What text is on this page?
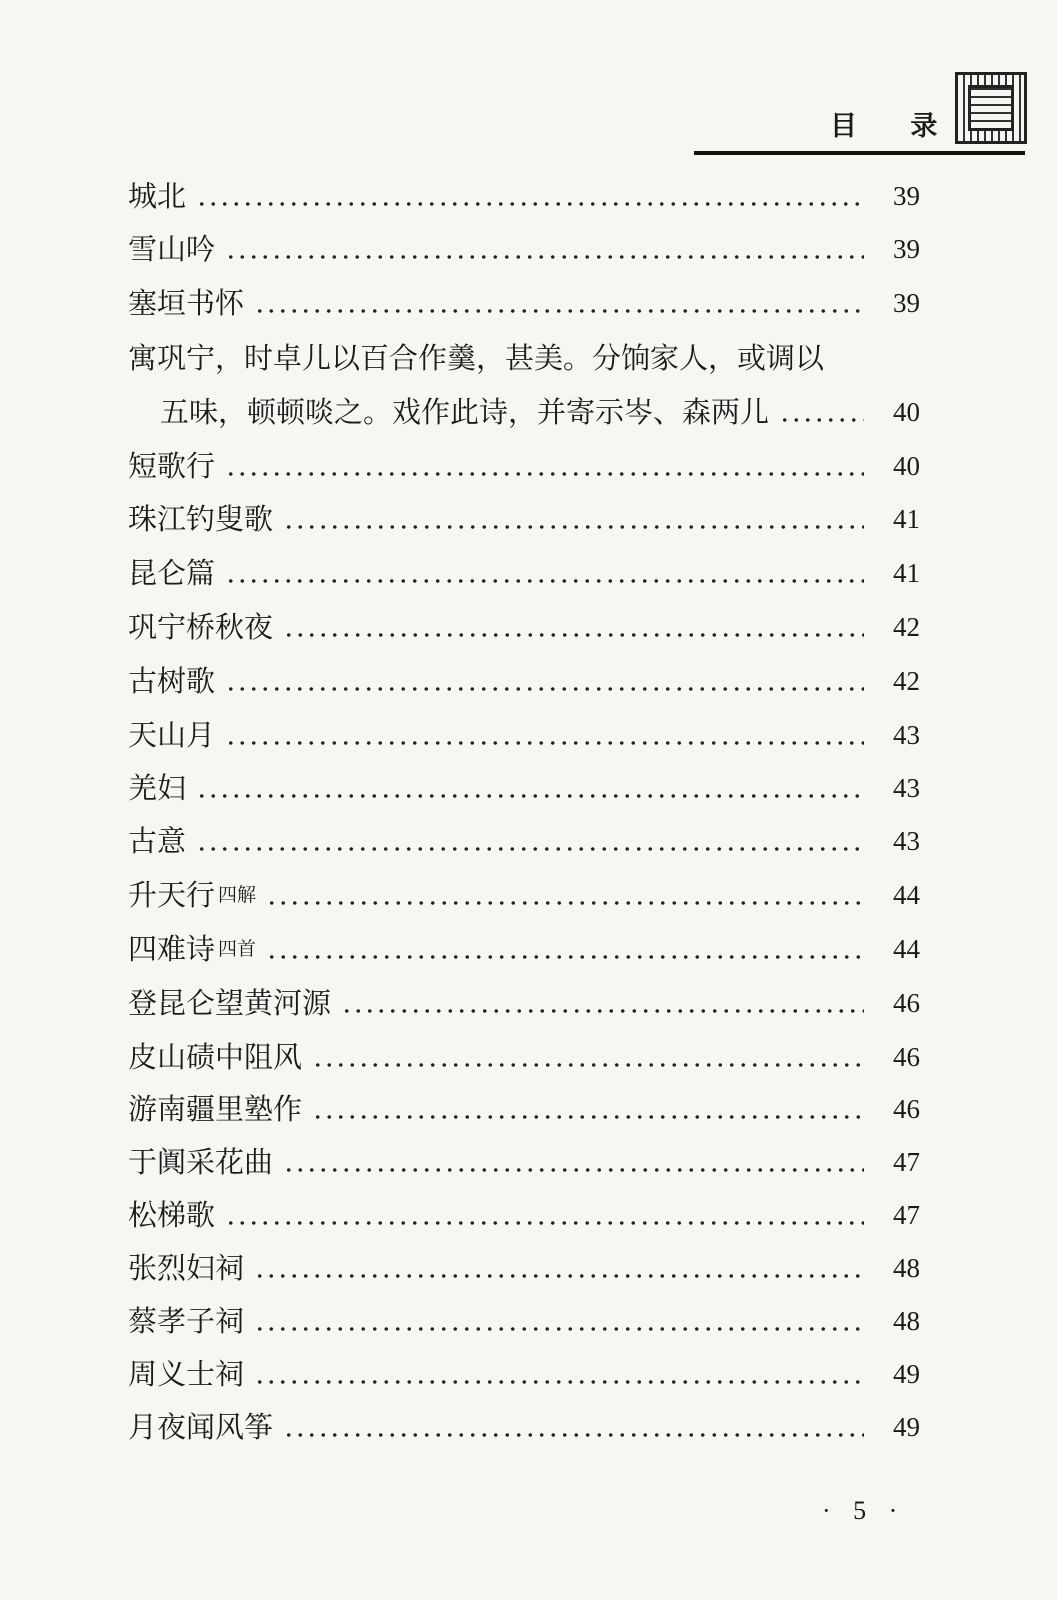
目 录
城北	39
雪山吟	39
塞垣书怀	39
寓巩宁，时卓儿以百合作羹，甚美。分饷家人，或调以
五味，顿顿啖之。戏作此诗，并寄示岑、森两儿	40
短歌行	40
珠江钓叟歌	41
昆仑篇	41
巩宁桥秋夜	42
古树歌	42
天山月	43
羌妇	43
古意	43
升天行 四解	44
四难诗 四首	44
登昆仑望黄河源	46
皮山碛中阻风	46
游南疆里塾作	46
于阗采花曲	47
松梯歌	47
张烈妇祠	48
蔡孝子祠	48
周义士祠	49
月夜闻风筝	49
· 5 ·
